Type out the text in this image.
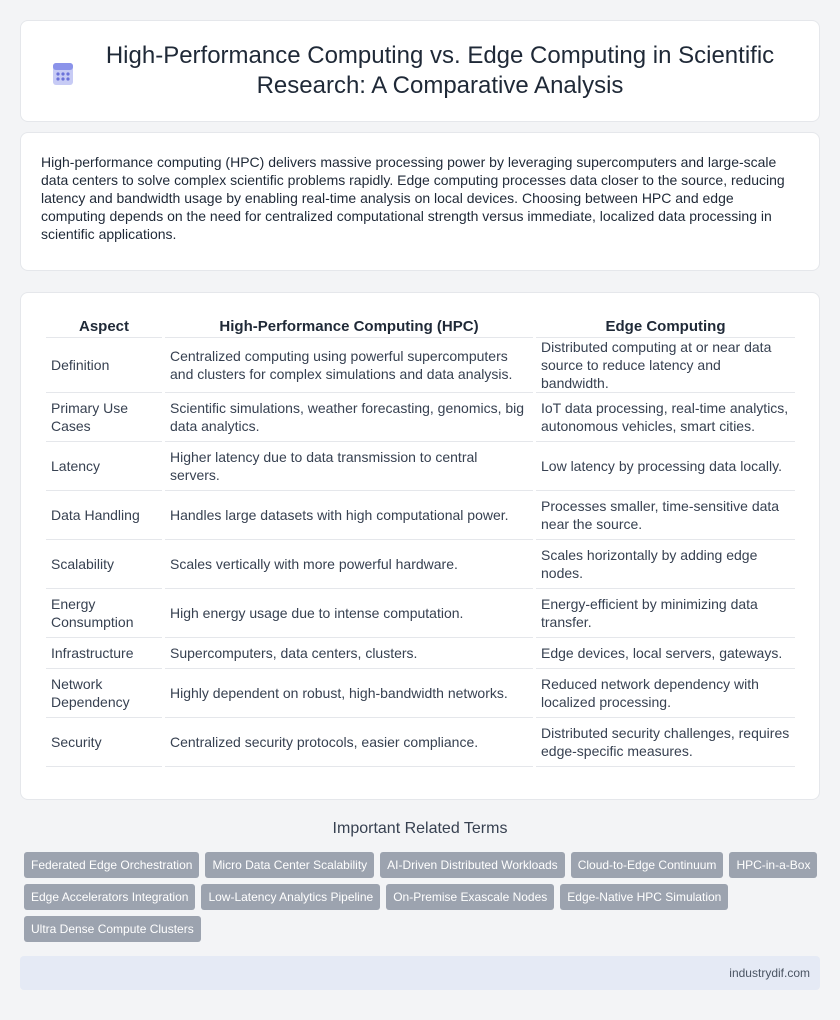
High-Performance Computing vs. Edge Computing in Scientific Research: A Comparative Analysis

High-performance computing (HPC) delivers massive processing power by leveraging supercomputers and large-scale data centers to solve complex scientific problems rapidly. Edge computing processes data closer to the source, reducing latency and bandwidth usage by enabling real-time analysis on local devices. Choosing between HPC and edge computing depends on the need for centralized computational strength versus immediate, localized data processing in scientific applications.

Aspect	High-Performance Computing (HPC)	Edge Computing
Definition	Centralized computing using powerful supercomputers and clusters for complex simulations and data analysis.	Distributed computing at or near data source to reduce latency and bandwidth.
Primary Use Cases	Scientific simulations, weather forecasting, genomics, big data analytics.	IoT data processing, real-time analytics, autonomous vehicles, smart cities.
Latency	Higher latency due to data transmission to central servers.	Low latency by processing data locally.
Data Handling	Handles large datasets with high computational power.	Processes smaller, time-sensitive data near the source.
Scalability	Scales vertically with more powerful hardware.	Scales horizontally by adding edge nodes.
Energy Consumption	High energy usage due to intense computation.	Energy-efficient by minimizing data transfer.
Infrastructure	Supercomputers, data centers, clusters.	Edge devices, local servers, gateways.
Network Dependency	Highly dependent on robust, high-bandwidth networks.	Reduced network dependency with localized processing.
Security	Centralized security protocols, easier compliance.	Distributed security challenges, requires edge-specific measures.
Important Related Terms
Federated Edge Orchestration	Micro Data Center Scalability	AI-Driven Distributed Workloads	Cloud-to-Edge Continuum	HPC-in-a-Box
Edge Accelerators Integration	Low-Latency Analytics Pipeline	On-Premise Exascale Nodes	Edge-Native HPC Simulation
Ultra Dense Compute Clusters
industrydif.com
